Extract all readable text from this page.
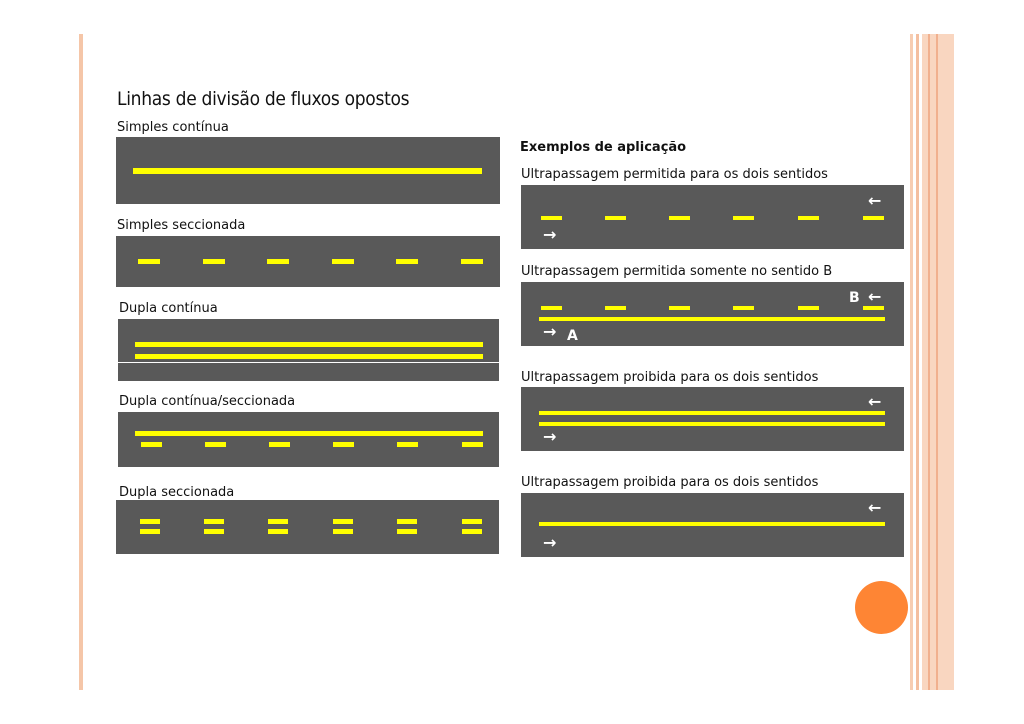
Linhas de divisão de fluxos opostos
Simples contínua
Simples seccionada
Dupla contínua
Dupla contínua/seccionada
Dupla seccionada
Exemplos de aplicação
Ultrapassagem permitida para os dois sentidos
←
→
Ultrapassagem permitida somente no sentido B
B ←
→ A
Ultrapassagem proibida para os dois sentidos
←
→
Ultrapassagem proibida para os dois sentidos
←
→
